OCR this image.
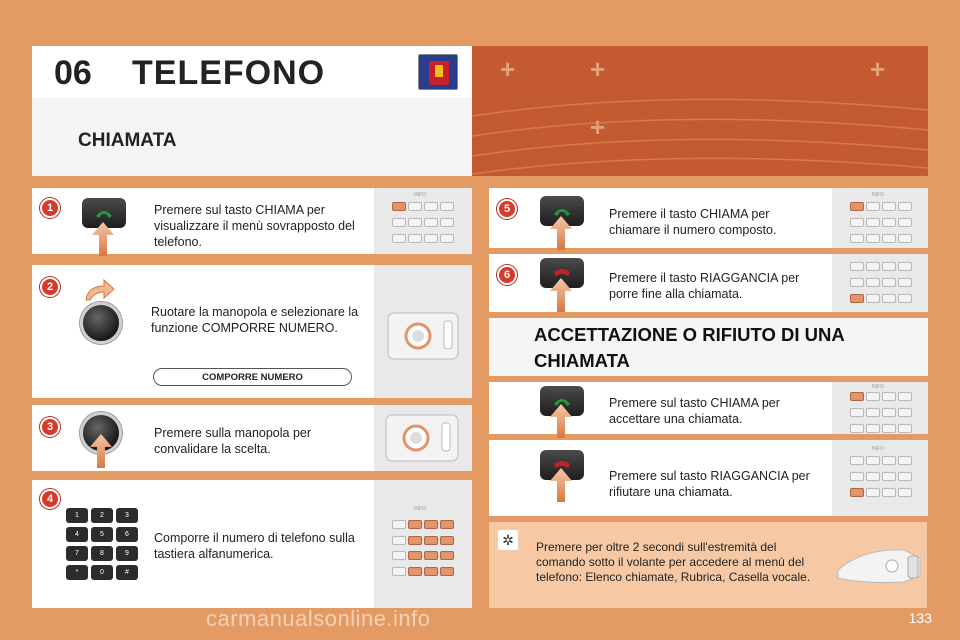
+	+	+
+
06 TELEFONO
CHIAMATA
INFO
1	Premere sul tasto CHIAMA per visualizzare il menù sovrapposto del telefono.
2
Ruotare la manopola e selezionare la funzione COMPORRE NUMERO.
COMPORRE NUMERO
3	Premere sulla manopola per convalidare la scelta.
INFO
4
1	2	3
4	5	6
7	8	9
*	0	#
Comporre il numero di telefono sulla tastiera alfanumerica.
INFO
5	Premere il tasto CHIAMA per chiamare il numero composto.
6	Premere il tasto RIAGGANCIA per porre fine alla chiamata.
ACCETTAZIONE O RIFIUTO DI UNA CHIAMATA
INFO
Premere sul tasto CHIAMA per accettare una chiamata.
INFO
Premere sul tasto RIAGGANCIA per rifiutare una chiamata.
✲	Premere per oltre 2 secondi sull'estremità del comando sotto il volante per accedere al menù del telefono: Elenco chiamate, Rubrica, Casella vocale.
133
carmanualsonline.info
